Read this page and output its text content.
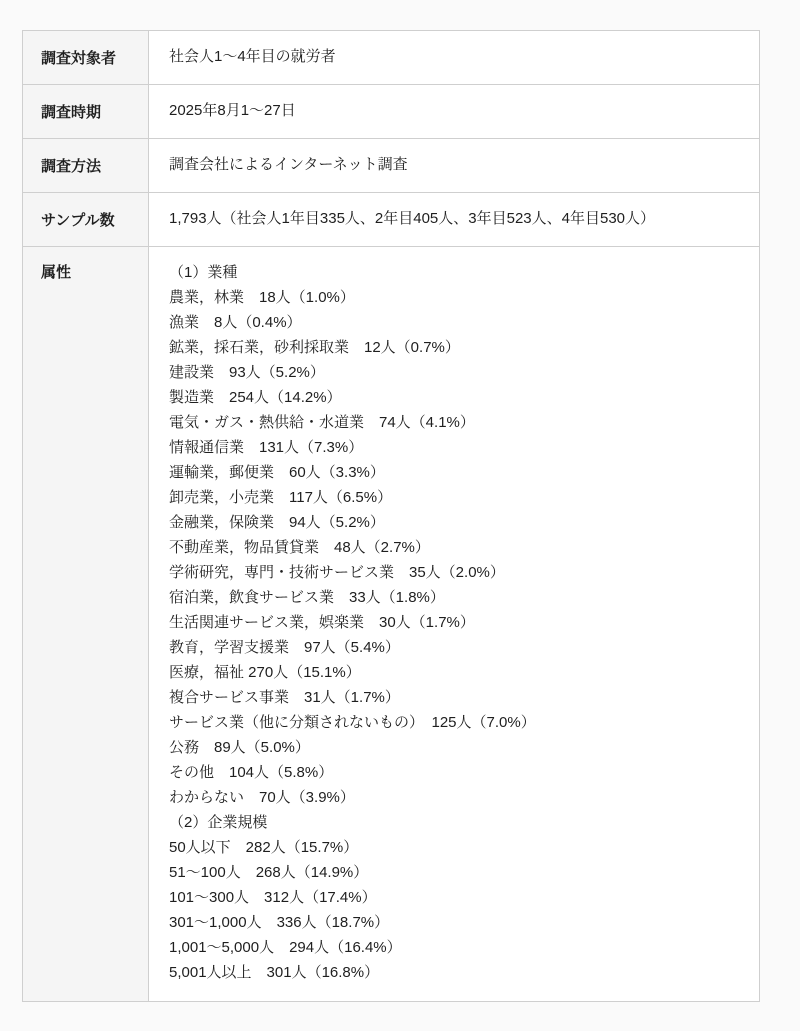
調査対象者	社会人1〜4年目の就労者
調査時期	2025年8月1〜27日
調査方法	調査会社によるインターネット調査
サンプル数	1,793人（社会人1年目335人、2年目405人、3年目523人、4年目530人）
属性	（1）業種
農業，林業　18人（1.0%）
漁業　8人（0.4%）
鉱業，採石業，砂利採取業　12人（0.7%）
建設業　93人（5.2%）
製造業　254人（14.2%）
電気・ガス・熱供給・水道業　74人（4.1%）
情報通信業　131人（7.3%）
運輸業，郵便業　60人（3.3%）
卸売業，小売業　117人（6.5%）
金融業，保険業　94人（5.2%）
不動産業，物品賃貸業　48人（2.7%）
学術研究，専門・技術サービス業　35人（2.0%）
宿泊業，飲食サービス業　33人（1.8%）
生活関連サービス業，娯楽業　30人（1.7%）
教育，学習支援業　97人（5.4%）
医療，福祉 270人（15.1%）
複合サービス事業　31人（1.7%）
サービス業（他に分類されないもの）　125人（7.0%）
公務　89人（5.0%）
その他　104人（5.8%）
わからない　70人（3.9%）
（2）企業規模
50人以下　282人（15.7%）
51〜100人　268人（14.9%）
101〜300人　312人（17.4%）
301〜1,000人　336人（18.7%）
1,001〜5,000人　294人（16.4%）
5,001人以上　301人（16.8%）
